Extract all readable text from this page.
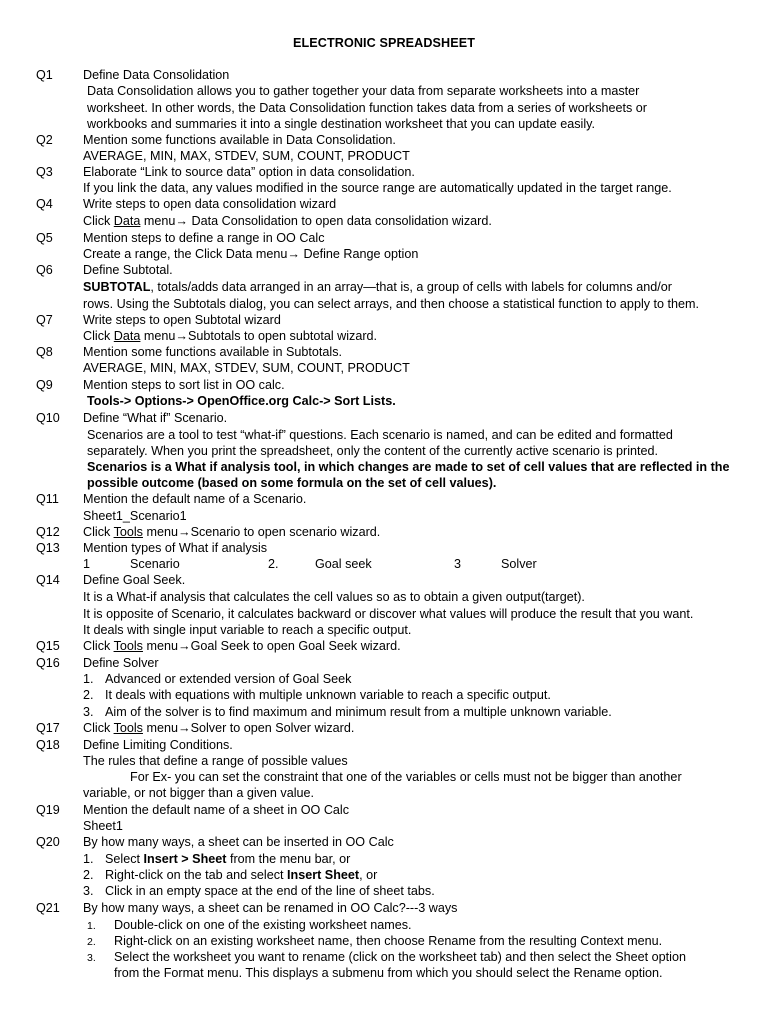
ELECTRONIC SPREADSHEET
Q1 Define Data Consolidation
Data Consolidation allows you to gather together your data from separate worksheets into a master
worksheet. In other words, the Data Consolidation function takes data from a series of worksheets or
workbooks and summaries it into a single destination worksheet that you can update easily.
Q2 Mention some functions available in Data Consolidation.
AVERAGE, MIN, MAX, STDEV, SUM, COUNT, PRODUCT
Q3 Elaborate “Link to source data” option in data consolidation.
If you link the data, any values modified in the source range are automatically updated in the target range.
Q4 Write steps to open data consolidation wizard
Click Data menu→ Data Consolidation to open data consolidation wizard.
Q5 Mention steps to define a range in OO Calc
Create a range, the Click Data menu→ Define Range option
Q6 Define Subtotal.
SUBTOTAL, totals/adds data arranged in an array—that is, a group of cells with labels for columns and/or
rows. Using the Subtotals dialog, you can select arrays, and then choose a statistical function to apply to them.
Q7 Write steps to open Subtotal wizard
Click Data menu→Subtotals to open subtotal wizard.
Q8 Mention some functions available in Subtotals.
AVERAGE, MIN, MAX, STDEV, SUM, COUNT, PRODUCT
Q9 Mention steps to sort list in OO calc.
Tools-> Options-> OpenOffice.org Calc-> Sort Lists.
Q10 Define “What if” Scenario.
Scenarios are a tool to test “what-if” questions. Each scenario is named, and can be edited and formatted
separately. When you print the spreadsheet, only the content of the currently active scenario is printed.
Scenarios is a What if analysis tool, in which changes are made to set of cell values that are reflected in the
possible outcome (based on some formula on the set of cell values).
Q11 Mention the default name of a Scenario.
Sheet1_Scenario1
Q12 Click Tools menu→Scenario to open scenario wizard.
Q13 Mention types of What if analysis
1	Scenario	2.	Goal seek	3	Solver
Q14 Define Goal Seek.
It is a What-if analysis that calculates the cell values so as to obtain a given output(target).
It is opposite of Scenario, it calculates backward or discover what values will produce the result that you want.
It deals with single input variable to reach a specific output.
Q15 Click Tools menu→Goal Seek to open Goal Seek wizard.
Q16 Define Solver
1. Advanced or extended version of Goal Seek
2. It deals with equations with multiple unknown variable to reach a specific output.
3. Aim of the solver is to find maximum and minimum result from a multiple unknown variable.
Q17 Click Tools menu→Solver to open Solver wizard.
Q18 Define Limiting Conditions.
The rules that define a range of possible values
For Ex- you can set the constraint that one of the variables or cells must not be bigger than another
variable, or not bigger than a given value.
Q19 Mention the default name of a sheet in OO Calc
Sheet1
Q20 By how many ways, a sheet can be inserted in OO Calc
1. Select Insert > Sheet from the menu bar, or
2. Right-click on the tab and select Insert Sheet, or
3. Click in an empty space at the end of the line of sheet tabs.
Q21 By how many ways, a sheet can be renamed in OO Calc?---3 ways
1. Double-click on one of the existing worksheet names.
2. Right-click on an existing worksheet name, then choose Rename from the resulting Context menu.
3. Select the worksheet you want to rename (click on the worksheet tab) and then select the Sheet option
from the Format menu. This displays a submenu from which you should select the Rename option.
